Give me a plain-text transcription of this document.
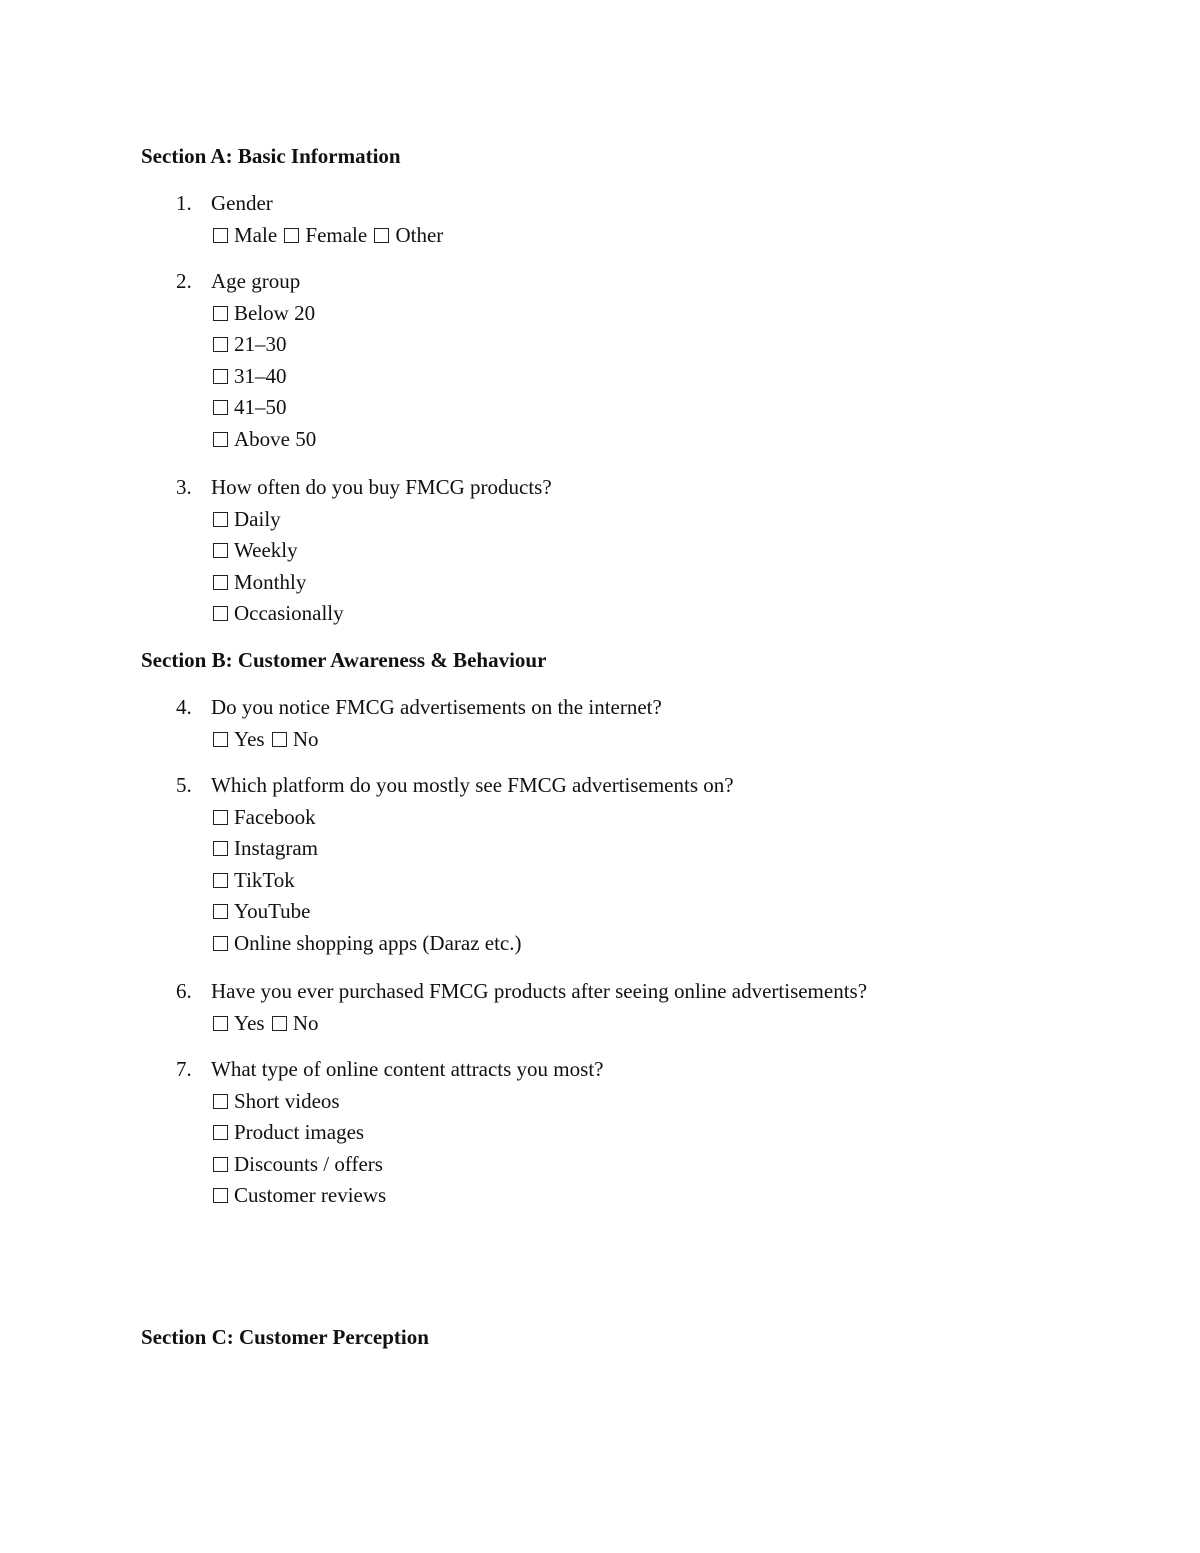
Section A: Basic Information
1. Gender
Male Female Other
2. Age group
Below 20
21–30
31–40
41–50
Above 50
3. How often do you buy FMCG products?
Daily
Weekly
Monthly
Occasionally
Section B: Customer Awareness & Behaviour
4. Do you notice FMCG advertisements on the internet?
Yes No
5. Which platform do you mostly see FMCG advertisements on?
Facebook
Instagram
TikTok
YouTube
Online shopping apps (Daraz etc.)
6. Have you ever purchased FMCG products after seeing online advertisements?
Yes No
7. What type of online content attracts you most?
Short videos
Product images
Discounts / offers
Customer reviews
Section C: Customer Perception
